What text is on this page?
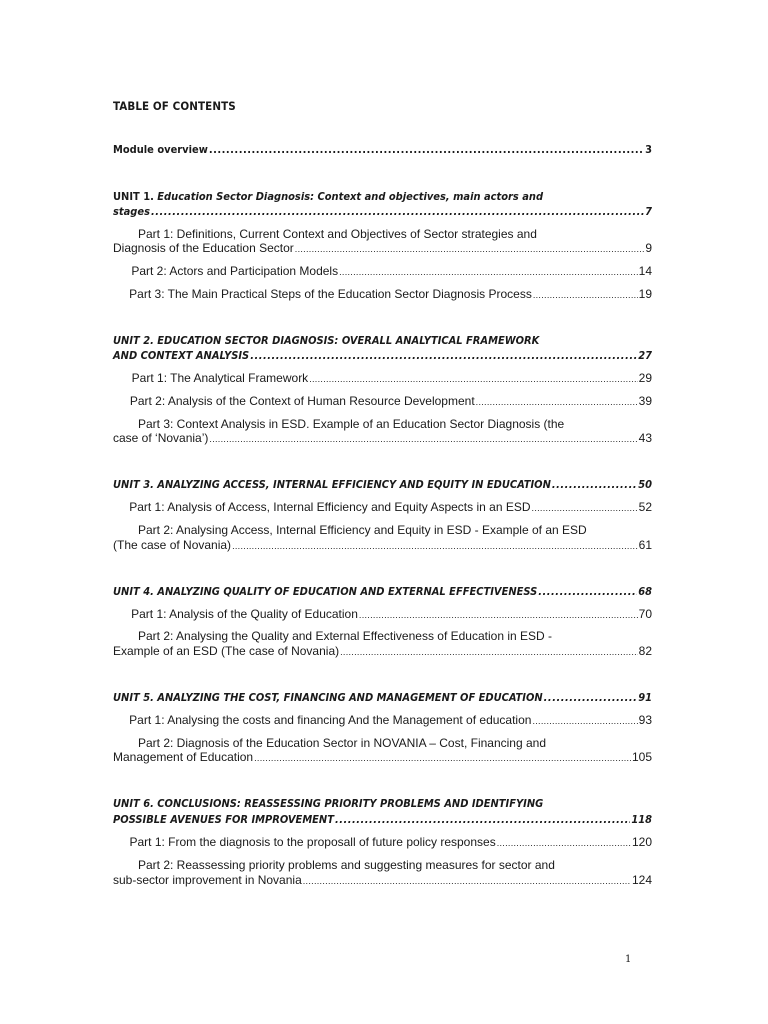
TABLE OF CONTENTS
Module overview .....	3
UNIT 1. Education Sector Diagnosis: Context and objectives, main actors and
stages .....	7
Part 1: Definitions, Current Context and Objectives of Sector strategies and
Diagnosis of the Education Sector .....	9
Part 2: Actors and Participation Models .....	14
Part 3: The Main Practical Steps of the Education Sector Diagnosis Process .....	19
UNIT 2. EDUCATION SECTOR DIAGNOSIS: OVERALL ANALYTICAL FRAMEWORK
AND CONTEXT ANALYSIS .....	27
Part 1: The Analytical Framework .....	29
Part 2: Analysis of the Context of Human Resource Development .....	39
Part 3: Context Analysis in ESD. Example of an Education Sector Diagnosis (the
case of ‘Novania’) .....	43
UNIT 3. ANALYZING ACCESS, INTERNAL EFFICIENCY AND EQUITY IN EDUCATION .....	50
Part 1: Analysis of Access, Internal Efficiency and Equity Aspects in an ESD .....	52
Part 2: Analysing Access, Internal Efficiency and Equity in ESD - Example of an ESD
(The case of Novania) .....	61
UNIT 4. ANALYZING QUALITY OF EDUCATION AND EXTERNAL EFFECTIVENESS .....	68
Part 1: Analysis of the Quality of Education .....	70
Part 2: Analysing the Quality and External Effectiveness of Education in ESD -
Example of an ESD (The case of Novania) .....	82
UNIT 5. ANALYZING THE COST, FINANCING AND MANAGEMENT OF EDUCATION .....	91
Part 1: Analysing the costs and financing And the Management of education .....	93
Part 2: Diagnosis of the Education Sector in NOVANIA – Cost, Financing and
Management of Education .....	105
UNIT 6. CONCLUSIONS: REASSESSING PRIORITY PROBLEMS AND IDENTIFYING
POSSIBLE AVENUES FOR IMPROVEMENT .....	118
Part 1: From the diagnosis to the proposall of future policy responses .....	120
Part 2: Reassessing priority problems and suggesting measures for sector and
sub-sector improvement in Novania .....	124
1
